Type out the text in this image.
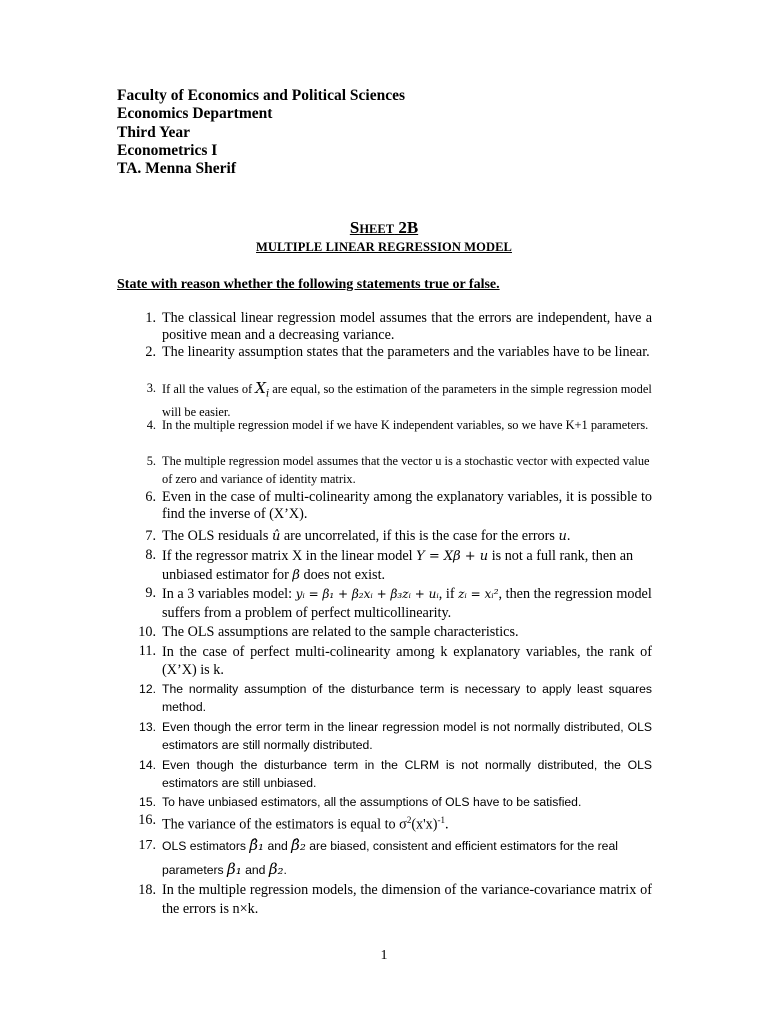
Faculty of Economics and Political Sciences
Economics Department
Third Year
Econometrics I
TA. Menna Sherif
SHEET 2B
MULTIPLE LINEAR REGRESSION MODEL
State with reason whether the following statements true or false.
1. The classical linear regression model assumes that the errors are independent, have a positive mean and a decreasing variance.
2. The linearity assumption states that the parameters and the variables have to be linear.
3. If all the values of $X_i$ are equal, so the estimation of the parameters in the simple regression model will be easier.
4. In the multiple regression model if we have K independent variables, so we have K+1 parameters.
5. The multiple regression model assumes that the vector u is a stochastic vector with expected value of zero and variance of identity matrix.
6. Even in the case of multi-colinearity among the explanatory variables, it is possible to find the inverse of (X’X).
7. The OLS residuals û are uncorrelated, if this is the case for the errors u.
8. If the regressor matrix X in the linear model Y = Xβ + u is not a full rank, then an unbiased estimator for β does not exist.
9. In a 3 variables model: yᵢ = β₁ + β₂xᵢ + β₃zᵢ + uᵢ, if zᵢ = xᵢ², then the regression model suffers from a problem of perfect multicollinearity.
10. The OLS assumptions are related to the sample characteristics.
11. In the case of perfect multi-colinearity among k explanatory variables, the rank of (X’X) is k.
12. The normality assumption of the disturbance term is necessary to apply least squares method.
13. Even though the error term in the linear regression model is not normally distributed, OLS estimators are still normally distributed.
14. Even though the disturbance term in the CLRM is not normally distributed, the OLS estimators are still unbiased.
15. To have unbiased estimators, all the assumptions of OLS have to be satisfied.
16. The variance of the estimators is equal to $\sigma^2(x'x)^{-1}$.
17. OLS estimators β̂₁ and β̂₂ are biased, consistent and efficient estimators for the real parameters β₁ and β₂.
18. In the multiple regression models, the dimension of the variance-covariance matrix of the errors is n×k.
1
